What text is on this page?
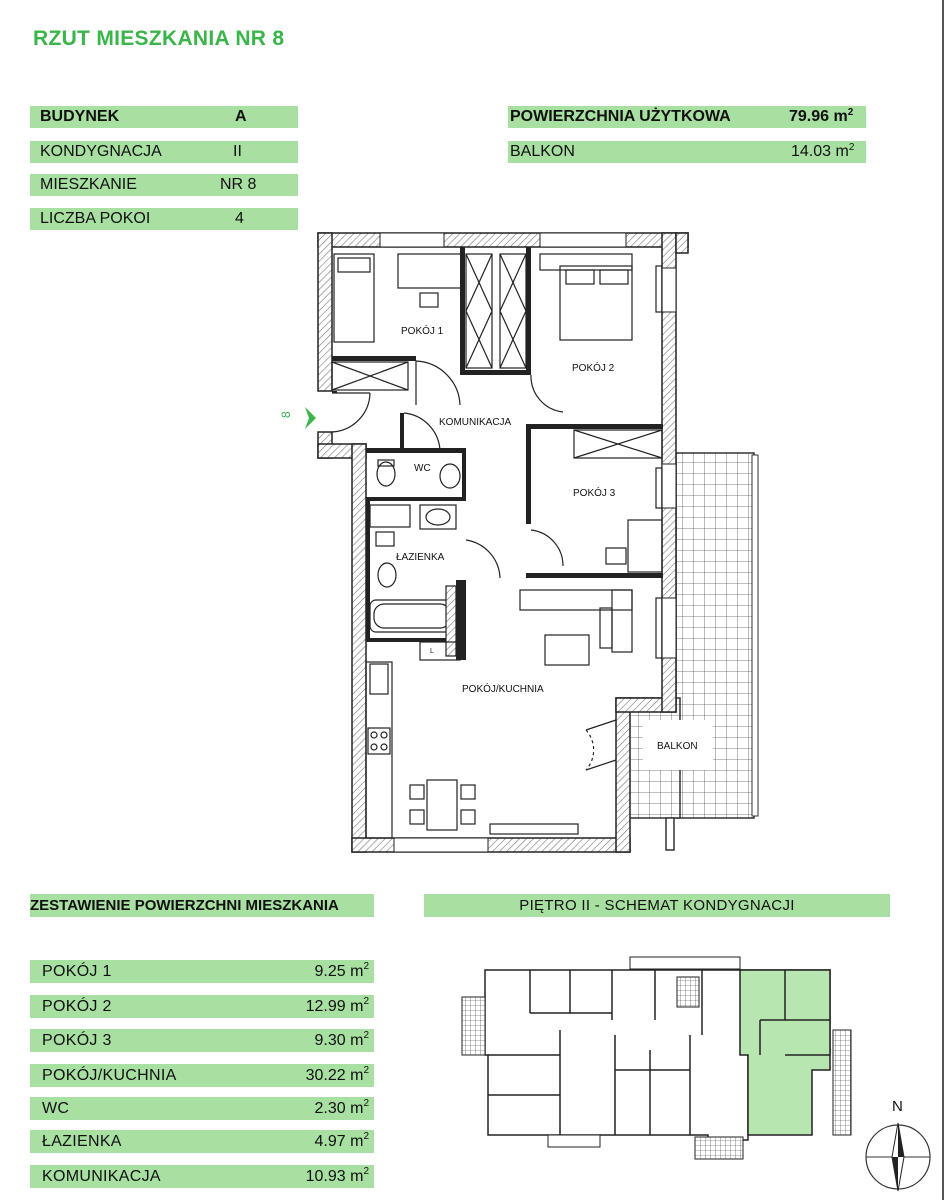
RZUT MIESZKANIA NR 8
BUDYNEK	A
KONDYGNACJA	II
MIESZKANIE	NR 8
LICZBA POKOI	4
POWIERZCHNIA UŻYTKOWA	79.96 $m^2$
BALKON	14.03 $m^2$
8
POKÓJ 1
POKÓJ 2
KOMUNIKACJA
WC
POKÓJ 3
ŁAZIENKA
POKÓJ/KUCHNIA
BALKON
L
ZESTAWIENIE POWIERZCHNI MIESZKANIA	PIĘTRO II - SCHEMAT KONDYGNACJI
POKÓJ 1	9.25 $m^2$
POKÓJ 2	12.99 $m^2$
POKÓJ 3	9.30 $m^2$
POKÓJ/KUCHNIA	30.22 $m^2$
WC	2.30 $m^2$
ŁAZIENKA	4.97 $m^2$
KOMUNIKACJA	10.93 $m^2$
N
